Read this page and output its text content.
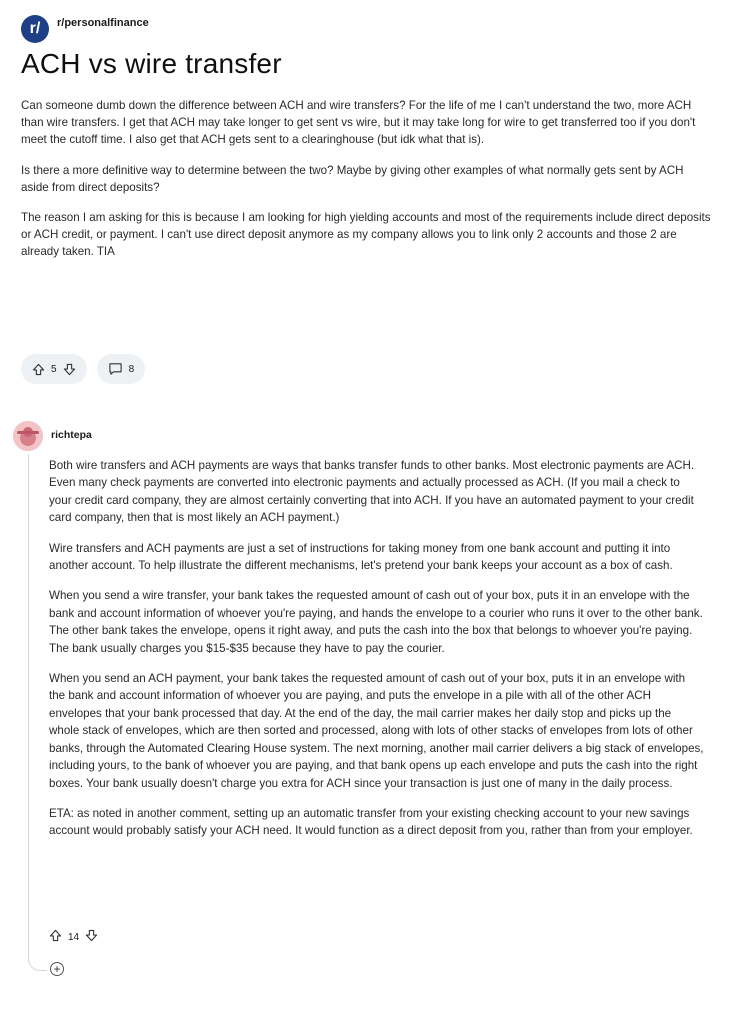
r/	r/personalfinance
ACH vs wire transfer

Can someone dumb down the difference between ACH and wire transfers? For the life of me I can't understand the two, more ACH than wire transfers. I get that ACH may take longer to get sent vs wire, but it may take long for wire to get transferred too if you don't meet the cutoff time. I also get that ACH gets sent to a clearinghouse (but idk what that is).

Is there a more definitive way to determine between the two? Maybe by giving other examples of what normally gets sent by ACH aside from direct deposits?

The reason I am asking for this is because I am looking for high yielding accounts and most of the requirements include direct deposits or ACH credit, or payment. I can't use direct deposit anymore as my company allows you to link only 2 accounts and those 2 are already taken. TIA

5	8
richtepa

Both wire transfers and ACH payments are ways that banks transfer funds to other banks. Most electronic payments are ACH. Even many check payments are converted into electronic payments and actually processed as ACH. (If you mail a check to your credit card company, they are almost certainly converting that into ACH. If you have an automated payment to your credit card company, then that is most likely an ACH payment.)

Wire transfers and ACH payments are just a set of instructions for taking money from one bank account and putting it into another account. To help illustrate the different mechanisms, let's pretend your bank keeps your account as a box of cash.

When you send a wire transfer, your bank takes the requested amount of cash out of your box, puts it in an envelope with the bank and account information of whoever you're paying, and hands the envelope to a courier who runs it over to the other bank. The other bank takes the envelope, opens it right away, and puts the cash into the box that belongs to whoever you're paying. The bank usually charges you $15-$35 because they have to pay the courier.

When you send an ACH payment, your bank takes the requested amount of cash out of your box, puts it in an envelope with the bank and account information of whoever you are paying, and puts the envelope in a pile with all of the other ACH envelopes that your bank processed that day. At the end of the day, the mail carrier makes her daily stop and picks up the whole stack of envelopes, which are then sorted and processed, along with lots of other stacks of envelopes from lots of other banks, through the Automated Clearing House system. The next morning, another mail carrier delivers a big stack of envelopes, including yours, to the bank of whoever you are paying, and that bank opens up each envelope and puts the cash into the right boxes. Your bank usually doesn't charge you extra for ACH since your transaction is just one of many in the daily process.

ETA: as noted in another comment, setting up an automatic transfer from your existing checking account to your new savings account would probably satisfy your ACH need. It would function as a direct deposit from you, rather than from your employer.

14
+
